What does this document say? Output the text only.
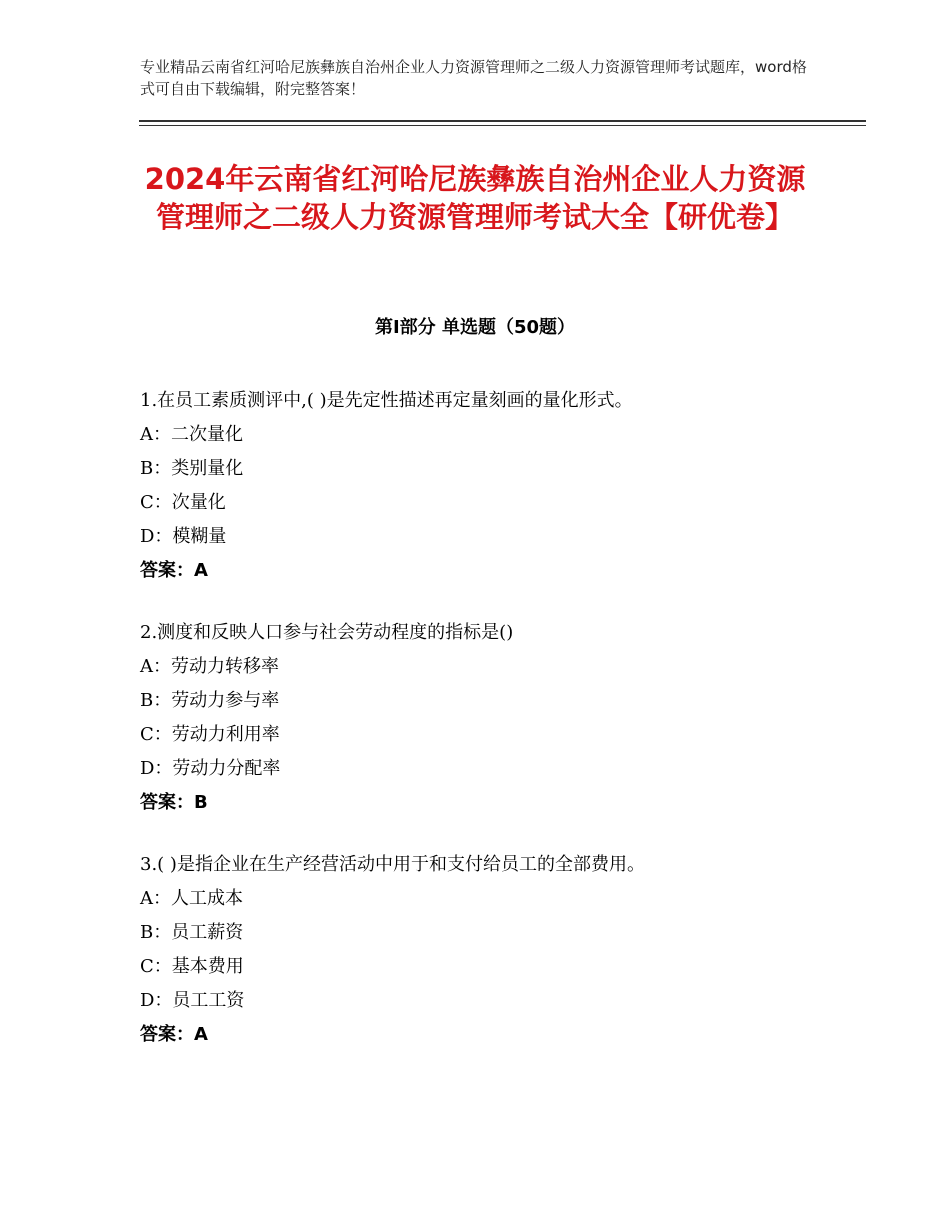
专业精品云南省红河哈尼族彝族自治州企业人力资源管理师之二级人力资源管理师考试题库，word格式可自由下载编辑，附完整答案！
2024年云南省红河哈尼族彝族自治州企业人力资源管理师之二级人力资源管理师考试大全【研优卷】
第Ⅰ部分 单选题（50题）
1.在员工素质测评中,( )是先定性描述再定量刻画的量化形式。
A：二次量化
B：类别量化
C：次量化
D：模糊量
答案：A
2.测度和反映人口参与社会劳动程度的指标是()
A：劳动力转移率
B：劳动力参与率
C：劳动力利用率
D：劳动力分配率
答案：B
3.( )是指企业在生产经营活动中用于和支付给员工的全部费用。
A：人工成本
B：员工薪资
C：基本费用
D：员工工资
答案：A
